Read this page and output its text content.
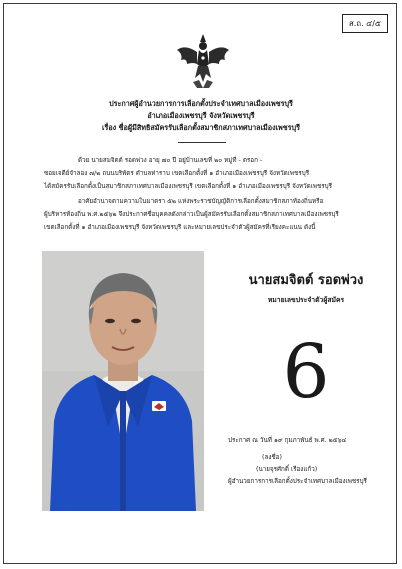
ส.ถ. ๔/๕
ประกาศผู้อำนวยการการเลือกตั้งประจำเทศบาลเมืองเพชรบุรี
อำเภอเมืองเพชรบุรี จังหวัดเพชรบุรี
เรื่อง ชื่อผู้มีสิทธิสมัครรับเลือกตั้งสมาชิกสภาเทศบาลเมืองเพชรบุรี
ด้วย นายสมจิตต์ รอดพ่วง อายุ ๗๐ ปี อยู่บ้านเลขที่ ๒๐ หมู่ที่ - ตรอก -
ซอยเจดีย์จำลอง ๗/๒ ถนนบริพัตร ตำบลท่าราบ เขตเลือกตั้งที่ ๑ อำเภอเมืองเพชรบุรี จังหวัดเพชรบุรี
ได้สมัครรับเลือกตั้งเป็นสมาชิกสภาเทศบาลเมืองเพชรบุรี เขตเลือกตั้งที่ ๑ อำเภอเมืองเพชรบุรี จังหวัดเพชรบุรี
อาศัยอำนาจตามความในมาตรา ๕๒ แห่งพระราชบัญญัติการเลือกตั้งสมาชิกสภาท้องถิ่นหรือ
ผู้บริหารท้องถิ่น พ.ศ.๒๕๖๒ จึงประกาศชื่อบุคคลดังกล่าวเป็นผู้สมัครรับเลือกตั้งสมาชิกสภาเทศบาลเมืองเพชรบุรี
เขตเลือกตั้งที่ ๑ อำเภอเมืองเพชรบุรี จังหวัดเพชรบุรี และหมายเลขประจำตัวผู้สมัครที่เรียงคะแนน ดังนี้
นายสมจิตต์ รอดพ่วง
หมายเลขประจำตัวผู้สมัคร
6
ประกาศ ณ วันที่ ๑๙ กุมภาพันธ์ พ.ศ. ๒๕๖๔
(ลงชื่อ)
(นายจุรศักดิ์ เรืองแก้ว)
ผู้อำนวยการการเลือกตั้งประจำเทศบาลเมืองเพชรบุรี
